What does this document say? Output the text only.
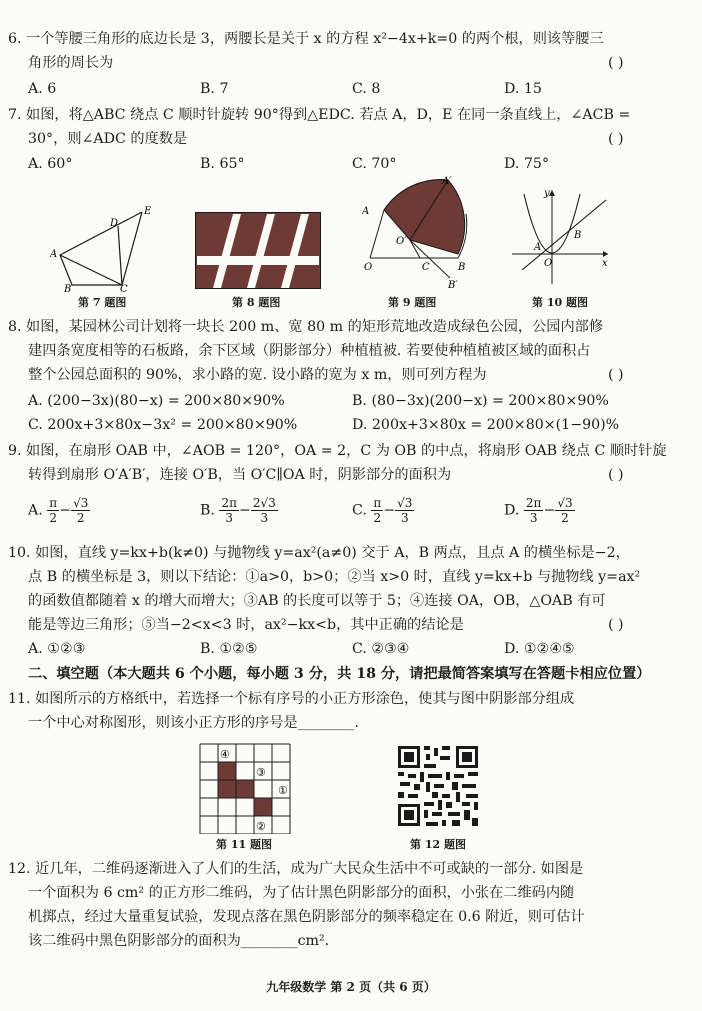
6. 一个等腰三角形的底边长是 3，两腰长是关于 x 的方程 x²−4x+k=0 的两个根，则该等腰三
角形的周长为	( )
A. 6	B. 7	C. 8	D. 15
7. 如图，将△ABC 绕点 C 顺时针旋转 90°得到△EDC. 若点 A，D，E 在同一条直线上，∠ACB =
30°，则∠ADC 的度数是	( )
A. 60°	B. 65°	C. 70°	D. 75°
A
B	C
D
E
第 7 题图	第 8 题图
A
A′
O′
O	C	B
B′
第 9 题图
y
x
A
B
O
第 10 题图
8. 如图，某园林公司计划将一块长 200 m、宽 80 m 的矩形荒地改造成绿色公园，公园内部修
建四条宽度相等的石板路，余下区域（阴影部分）种植植被. 若要使种植植被区域的面积占
整个公园总面积的 90%，求小路的宽. 设小路的宽为 x m，则可列方程为	( )
A. (200−3x)(80−x) = 200×80×90%	B. (80−3x)(200−x) = 200×80×90%
C. 200x+3×80x−3x² = 200×80×90%	D. 200x+3×80x = 200×80×(1−90)%
9. 如图，在扇形 OAB 中，∠AOB = 120°，OA = 2，C 为 OB 的中点，将扇形 OAB 绕点 C 顺时针旋
转得到扇形 O′A′B′，连接 O′B，当 O′C∥OA 时，阴影部分的面积为	( )
A. $\frac{\pi}{2} - \frac{√3}{2}$	B. $\frac{2\pi}{3} - \frac{2√3}{3}$	C. $\frac{\pi}{2} - \frac{√3}{3}$	D. $\frac{2\pi}{3} - \frac{√3}{2}$
10. 如图，直线 y=kx+b(k≠0) 与抛物线 y=ax²(a≠0) 交于 A，B 两点，且点 A 的横坐标是−2，
点 B 的横坐标是 3，则以下结论：①a>0，b>0；②当 x>0 时，直线 y=kx+b 与抛物线 y=ax²
的函数值都随着 x 的增大而增大；③AB 的长度可以等于 5；④连接 OA，OB，△OAB 有可
能是等边三角形；⑤当−2<x<3 时，ax²−kx<b，其中正确的结论是	( )
A. ①②③	B. ①②⑤	C. ②③④	D. ①②④⑤
二、填空题（本大题共 6 个小题，每小题 3 分，共 18 分，请把最简答案填写在答题卡相应位置）
11. 如图所示的方格纸中，若选择一个标有序号的小正方形涂色，使其与图中阴影部分组成
一个中心对称图形，则该小正方形的序号是________.
④
③
①
②
第 11 题图	第 12 题图
12. 近几年，二维码逐渐进入了人们的生活，成为广大民众生活中不可或缺的一部分. 如图是
一个面积为 6 cm² 的正方形二维码，为了估计黑色阴影部分的面积，小张在二维码内随
机掷点，经过大量重复试验，发现点落在黑色阴影部分的频率稳定在 0.6 附近，则可估计
该二维码中黑色阴影部分的面积为________cm².
九年级数学 第 2 页（共 6 页）
